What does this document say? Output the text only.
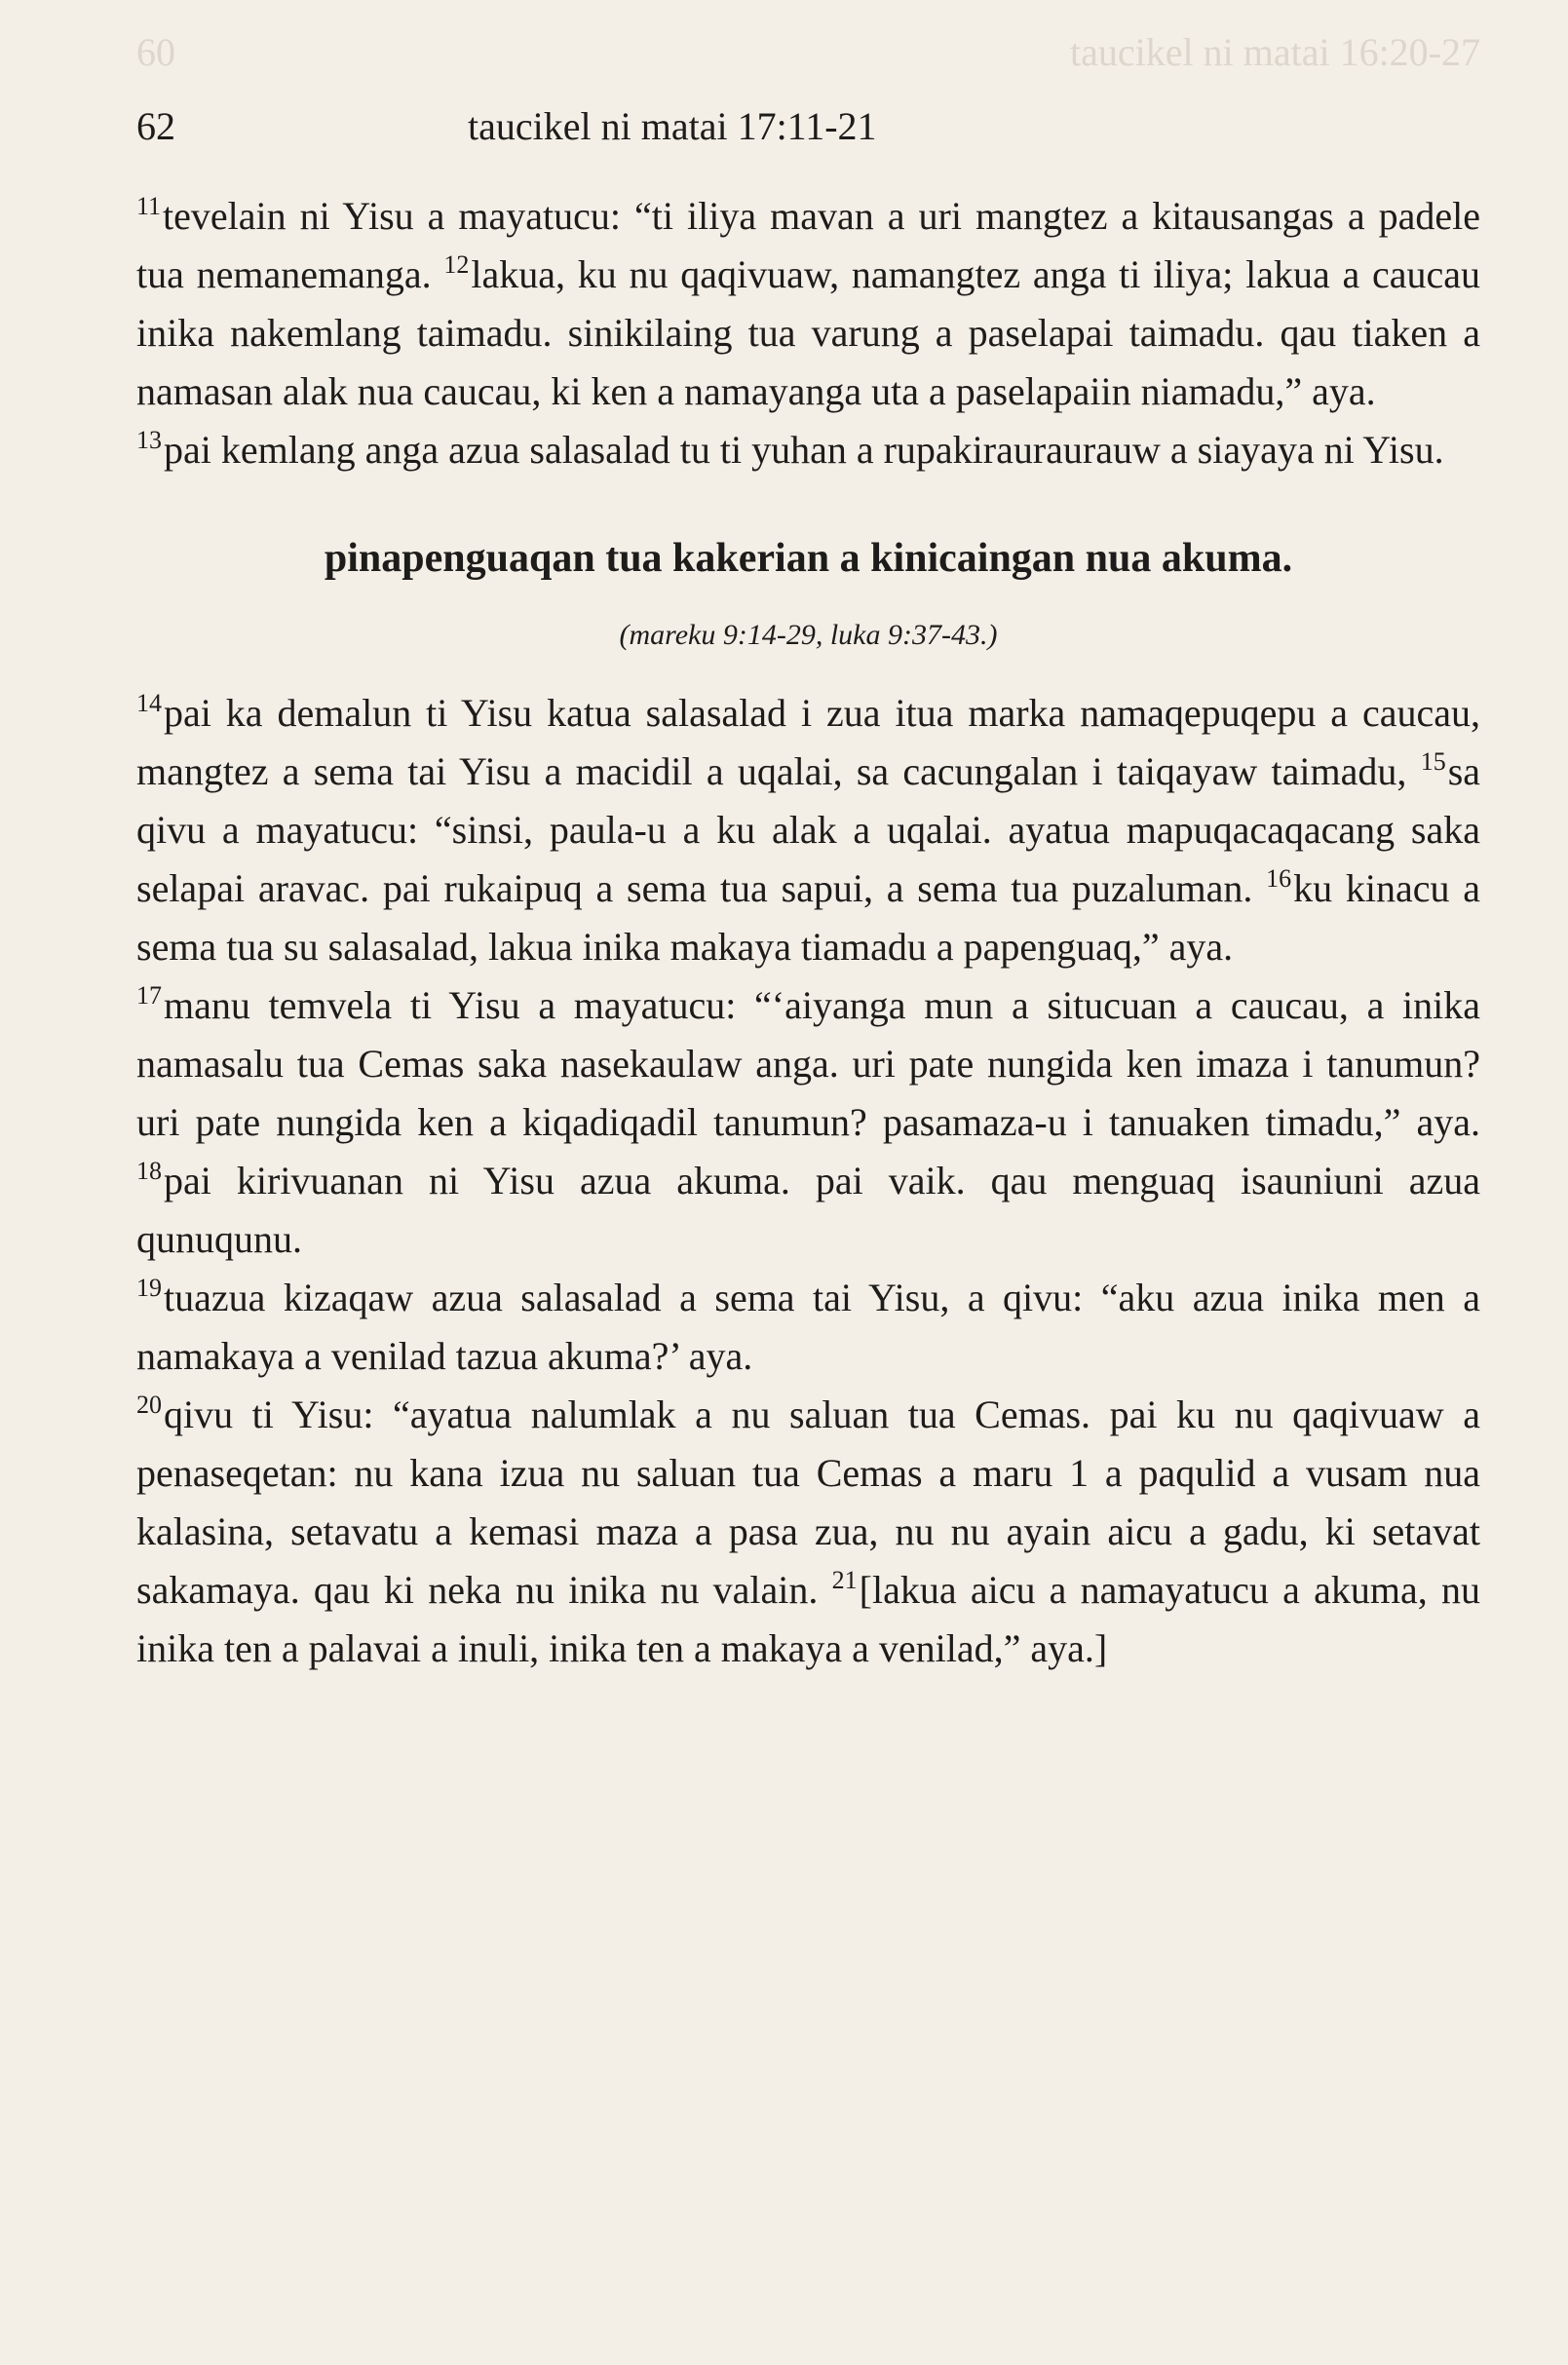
60	taucikel ni matai 16:20-27
62	taucikel ni matai 17:11-21

$^{11}$tevelain ni Yisu a mayatucu: “ti iliya mavan a uri mangtez a kitausangas a padele tua nemanemanga. $^{12}$lakua, ku nu qaqivuaw, namangtez anga ti iliya; lakua a caucau inika nakemlang taimadu. sinikilaing tua varung a paselapai taimadu. qau tiaken a namasan alak nua caucau, ki ken a namayanga uta a paselapaiin niamadu,” aya.

$^{13}$pai kemlang anga azua salasalad tu ti yuhan a rupakirauraurauw a siayaya ni Yisu.

pinapenguaqan tua kakerian a kinicaingan nua akuma.
(mareku 9:14-29, luka 9:37-43.)

$^{14}$pai ka demalun ti Yisu katua salasalad i zua itua marka namaqepuqepu a caucau, mangtez a sema tai Yisu a macidil a uqalai, sa cacungalan i taiqayaw taimadu, $^{15}$sa qivu a mayatucu: “sinsi, paula-u a ku alak a uqalai. ayatua mapuqacaqacang saka selapai aravac. pai rukaipuq a sema tua sapui, a sema tua puzaluman. $^{16}$ku kinacu a sema tua su salasalad, lakua inika makaya tiamadu a papenguaq,” aya.

$^{17}$manu temvela ti Yisu a mayatucu: “‘aiyanga mun a situcuan a caucau, a inika namasalu tua Cemas saka nasekaulaw anga. uri pate nungida ken imaza i tanumun? uri pate nungida ken a kiqadiqadil tanumun? pasamaza-u i tanuaken timadu,” aya. $^{18}$pai kirivuanan ni Yisu azua akuma. pai vaik. qau menguaq isauniuni azua qunuqunu.

$^{19}$tuazua kizaqaw azua salasalad a sema tai Yisu, a qivu: “aku azua inika men a namakaya a venilad tazua akuma?’ aya.

$^{20}$qivu ti Yisu: “ayatua nalumlak a nu saluan tua Cemas. pai ku nu qaqivuaw a penaseqetan: nu kana izua nu saluan tua Cemas a maru 1 a paqulid a vusam nua kalasina, setavatu a kemasi maza a pasa zua, nu nu ayain aicu a gadu, ki setavat sakamaya. qau ki neka nu inika nu valain. $^{21}$[lakua aicu a namayatucu a akuma, nu inika ten a palavai a inuli, inika ten a makaya a venilad,” aya.]
